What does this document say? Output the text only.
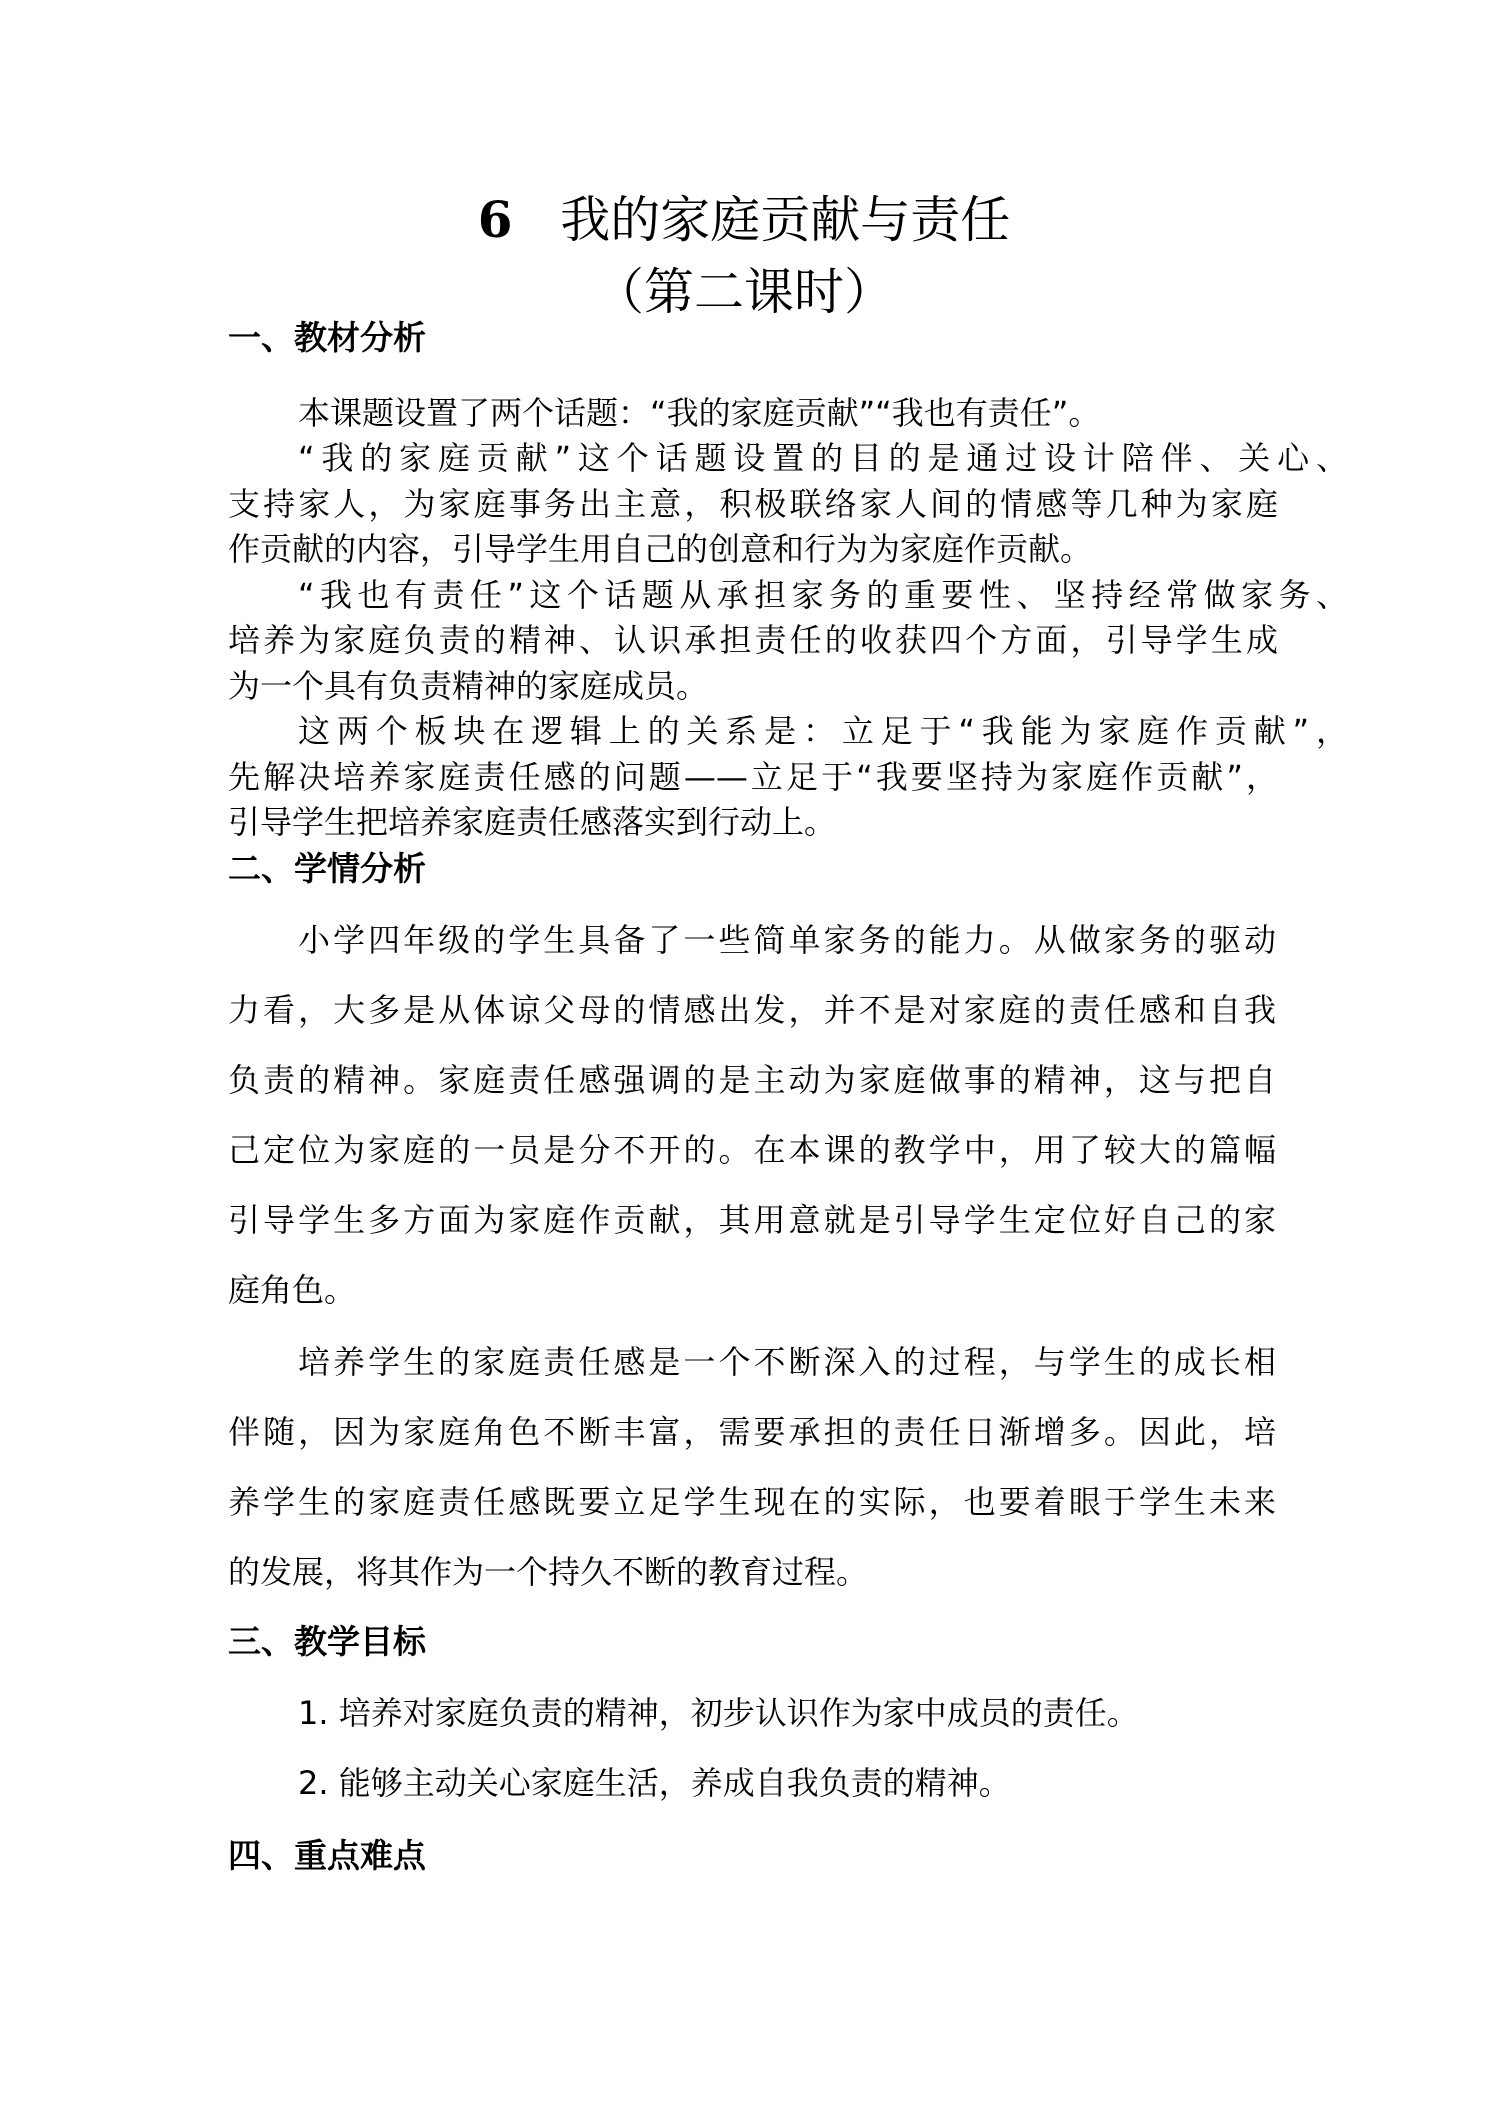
6 我的家庭贡献与责任
（第二课时）
一、教材分析
本课题设置了两个话题：“我的家庭贡献”“我也有责任”。
“我的家庭贡献”这个话题设置的目的是通过设计陪伴、关心、
支持家人，为家庭事务出主意，积极联络家人间的情感等几种为家庭
作贡献的内容，引导学生用自己的创意和行为为家庭作贡献。
“我也有责任”这个话题从承担家务的重要性、坚持经常做家务、
培养为家庭负责的精神、认识承担责任的收获四个方面，引导学生成
为一个具有负责精神的家庭成员。
这两个板块在逻辑上的关系是：立足于“我能为家庭作贡献”，
先解决培养家庭责任感的问题——立足于“我要坚持为家庭作贡献”，
引导学生把培养家庭责任感落实到行动上。
二、学情分析
小学四年级的学生具备了一些简单家务的能力。从做家务的驱动
力看，大多是从体谅父母的情感出发，并不是对家庭的责任感和自我
负责的精神。家庭责任感强调的是主动为家庭做事的精神，这与把自
己定位为家庭的一员是分不开的。在本课的教学中，用了较大的篇幅
引导学生多方面为家庭作贡献，其用意就是引导学生定位好自己的家
庭角色。
培养学生的家庭责任感是一个不断深入的过程，与学生的成长相
伴随，因为家庭角色不断丰富，需要承担的责任日渐增多。因此，培
养学生的家庭责任感既要立足学生现在的实际，也要着眼于学生未来
的发展，将其作为一个持久不断的教育过程。
三、教学目标
1. 培养对家庭负责的精神，初步认识作为家中成员的责任。
2. 能够主动关心家庭生活，养成自我负责的精神。
四、重点难点
